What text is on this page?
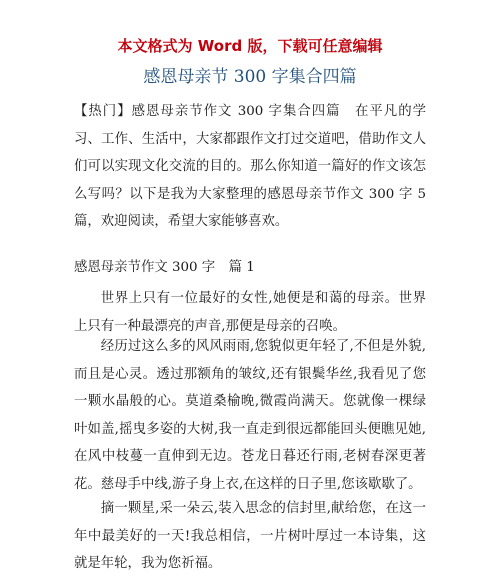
本文格式为 Word 版，下载可任意编辑
感恩母亲节 300 字集合四篇
【热门】感恩母亲节作文 300 字集合四篇　在平凡的学习、工作、生活中，大家都跟作文打过交道吧，借助作文人们可以实现文化交流的目的。那么你知道一篇好的作文该怎么写吗？以下是我为大家整理的感恩母亲节作文 300 字 5 篇，欢迎阅读，希望大家能够喜欢。
感恩母亲节作文 300 字　篇 1
世界上只有一位最好的女性,她便是和蔼的母亲。世界上只有一种最漂亮的声音,那便是母亲的召唤。
经历过这么多的风风雨雨,您貌似更年轻了,不但是外貌,而且是心灵。透过那额角的皱纹,还有银鬓华丝,我看见了您一颗水晶般的心。莫道桑榆晚,微霞尚满天。您就像一棵绿叶如盖,摇曳多姿的大树,我一直走到很远都能回头便瞧见她,在风中枝蔓一直伸到无边。苍龙日暮还行雨,老树春深更著花。慈母手中线,游子身上衣,在这样的日子里,您该歇歇了。
摘一颗星,采一朵云,装入思念的信封里,献给您，在这一年中最美好的一天!我总相信，一片树叶厚过一本诗集，这就是年轮，我为您祈福。
